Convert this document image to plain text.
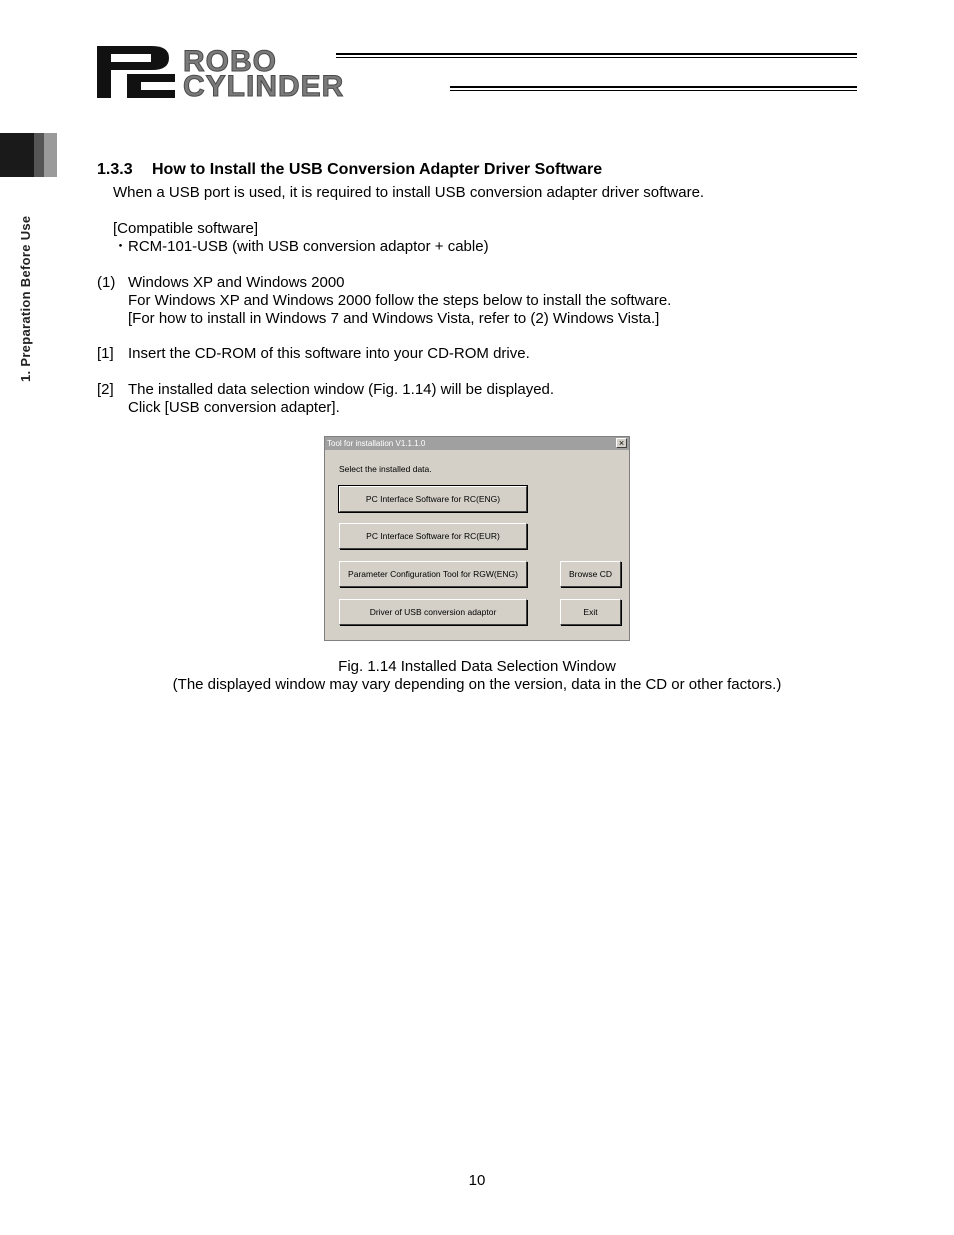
ROBO
CYLINDER
1. Preparation Before Use
1.3.3 How to Install the USB Conversion Adapter Driver Software
When a USB port is used, it is required to install USB conversion adapter driver software.
[Compatible software]
・RCM-101-USB (with USB conversion adaptor + cable)
(1) Windows XP and Windows 2000
For Windows XP and Windows 2000 follow the steps below to install the software.
[For how to install in Windows 7 and Windows Vista, refer to (2) Windows Vista.]
[1] Insert the CD-ROM of this software into your CD-ROM drive.
[2] The installed data selection window (Fig. 1.14) will be displayed.
Click [USB conversion adapter].
Tool for installation V1.1.1.0	×
Select the installed data.
PC Interface Software for RC(ENG)
PC Interface Software for RC(EUR)
Parameter Configuration Tool for RGW(ENG)
Driver of USB conversion adaptor
Browse CD
Exit
Fig. 1.14 Installed Data Selection Window
(The displayed window may vary depending on the version, data in the CD or other factors.)
10
